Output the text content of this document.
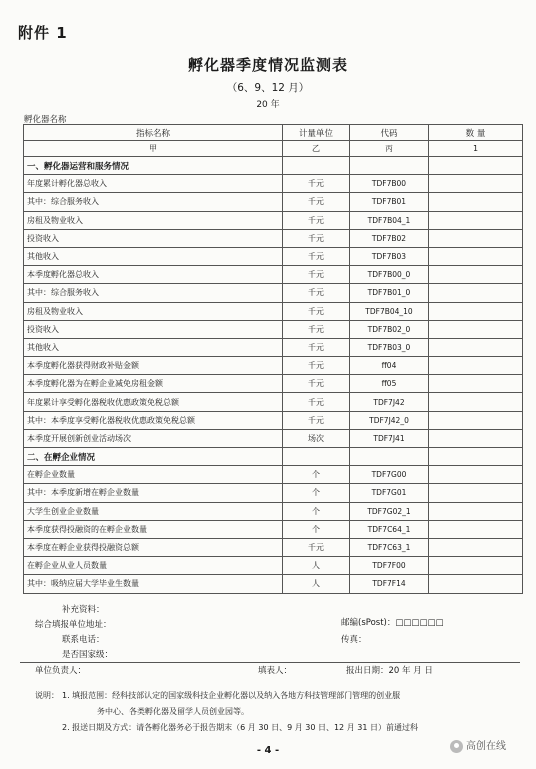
附件 1
孵化器季度情况监测表
（6、9、12 月）
20 年
孵化器名称
指标名称	计量单位	代码	数 量
甲	乙	丙	1
一、孵化器运营和服务情况			
年度累计孵化器总收入	千元	TDF7B00	
其中：综合服务收入	千元	TDF7B01	
房租及物业收入	千元	TDF7B04_1	
投资收入	千元	TDF7B02	
其他收入	千元	TDF7B03	
本季度孵化器总收入	千元	TDF7B00_0	
其中：综合服务收入	千元	TDF7B01_0	
房租及物业收入	千元	TDF7B04_10	
投资收入	千元	TDF7B02_0	
其他收入	千元	TDF7B03_0	
本季度孵化器获得财政补贴金额	千元	ff04	
本季度孵化器为在孵企业减免房租金额	千元	ff05	
年度累计享受孵化器税收优惠政策免税总额	千元	TDF7J42	
其中：本季度享受孵化器税收优惠政策免税总额	千元	TDF7J42_0	
本季度开展创新创业活动场次	场次	TDF7J41	
二、在孵企业情况			
在孵企业数量	个	TDF7G00	
其中：本季度新增在孵企业数量	个	TDF7G01	
大学生创业企业数量	个	TDF7G02_1	
本季度获得投融资的在孵企业数量	个	TDF7C64_1	
本季度在孵企业获得投融资总额	千元	TDF7C63_1	
在孵企业从业人员数量	人	TDF7F00	
其中：吸纳应届大学毕业生数量	人	TDF7F14	
补充资料：
综合填报单位地址：	邮编(sPost)：□□□□□□
联系电话：	传真：
是否国家级：
单位负责人：	填表人：	报出日期：20 年 月 日
说明： 1. 填报范围：经科技部认定的国家级科技企业孵化器以及纳入各地方科技管理部门管理的创业服
务中心、各类孵化器及留学人员创业园等。
2. 报送日期及方式：请各孵化器务必于报告期末（6 月 30 日、9 月 30 日、12 月 31 日）前通过科
- 4 -	高创在线
